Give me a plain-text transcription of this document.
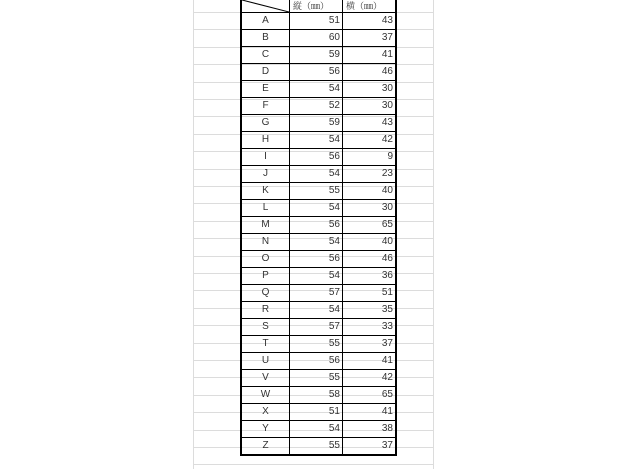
	縦（㎜）	横（㎜）
A	51	43
B	60	37
C	59	41
D	56	46
E	54	30
F	52	30
G	59	43
H	54	42
I	56	9
J	54	23
K	55	40
L	54	30
M	56	65
N	54	40
O	56	46
P	54	36
Q	57	51
R	54	35
S	57	33
T	55	37
U	56	41
V	55	42
W	58	65
X	51	41
Y	54	38
Z	55	37
